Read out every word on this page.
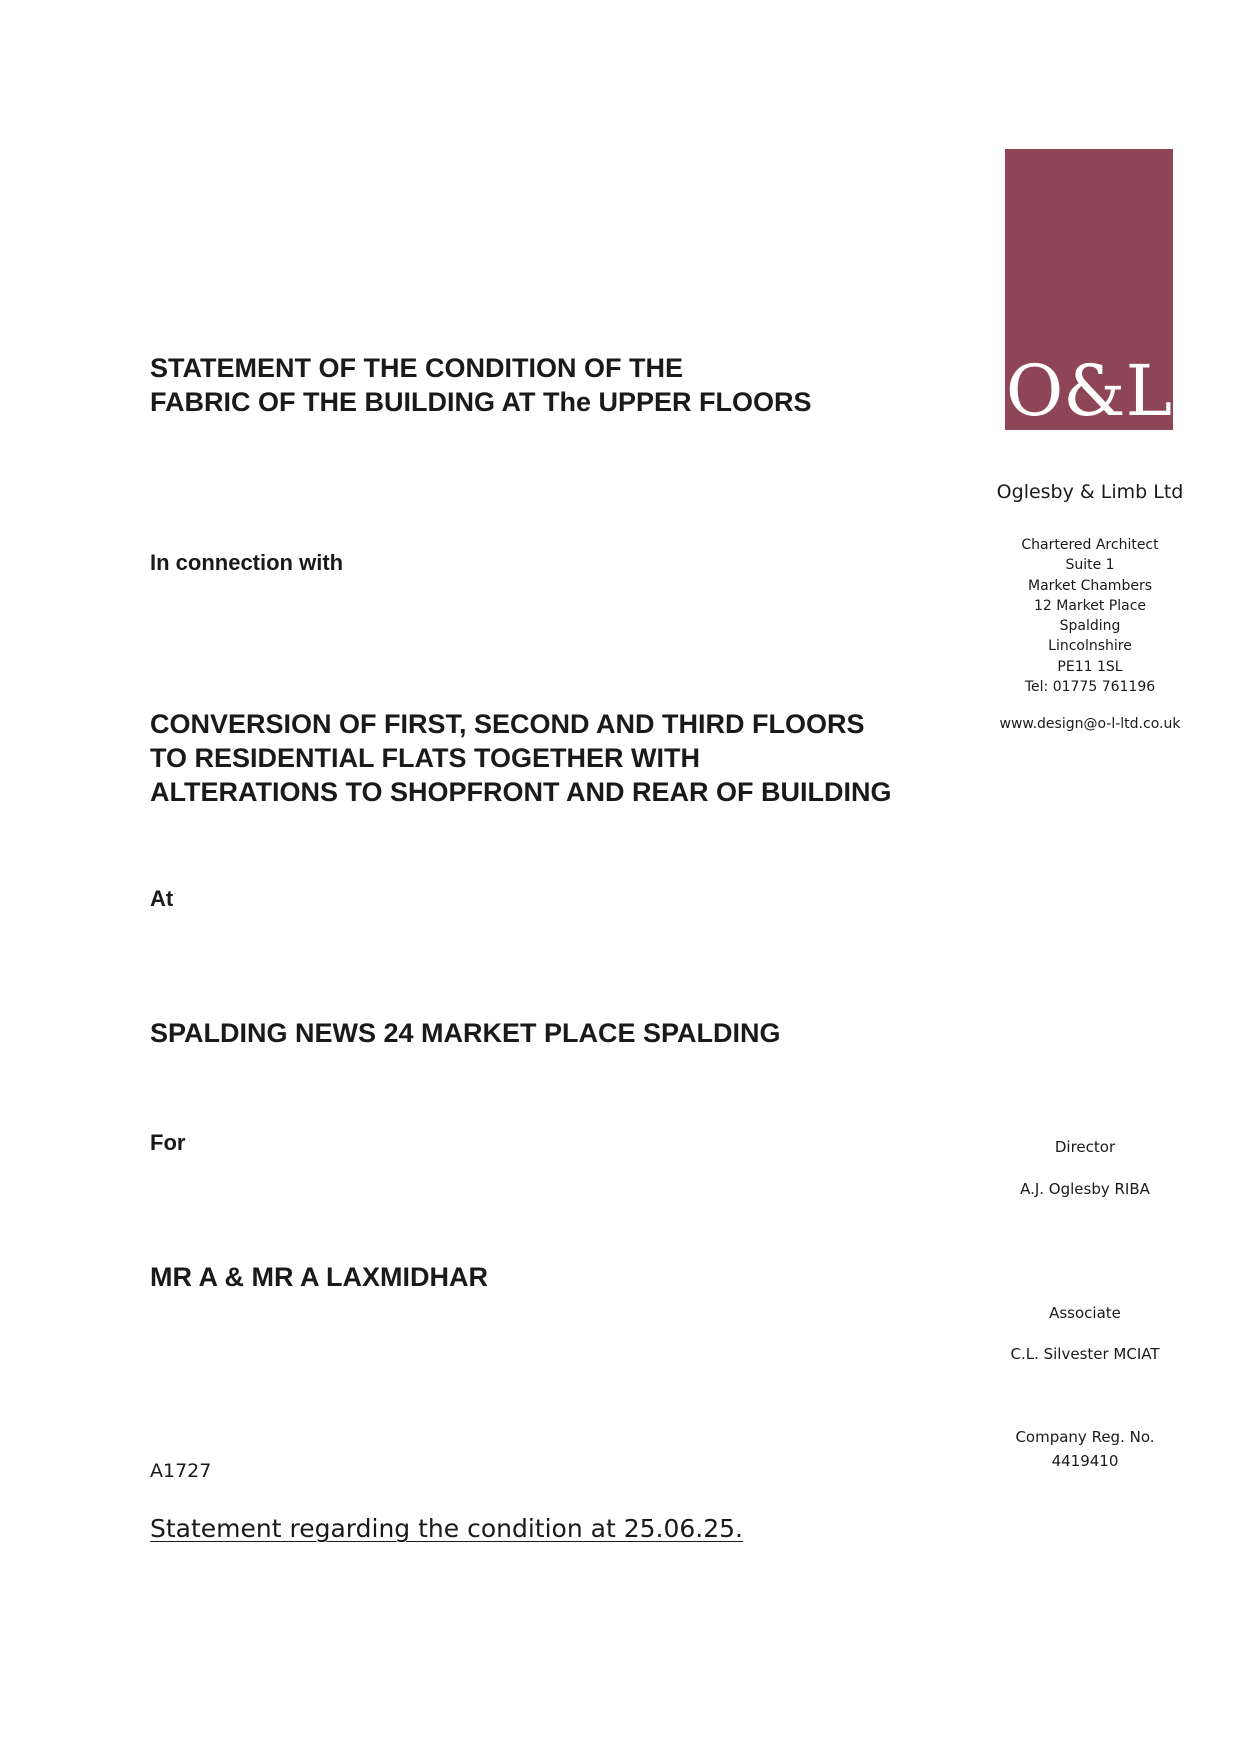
STATEMENT OF THE CONDITION OF THE
FABRIC OF THE BUILDING AT The UPPER FLOORS
In connection with
CONVERSION OF FIRST, SECOND AND THIRD FLOORS
TO RESIDENTIAL FLATS TOGETHER WITH
ALTERATIONS TO SHOPFRONT AND REAR OF BUILDING
At
SPALDING NEWS 24 MARKET PLACE SPALDING
For
MR A & MR A LAXMIDHAR
A1727
Statement regarding the condition at 25.06.25.
O&L
Oglesby & Limb Ltd
Chartered Architect
Suite 1
Market Chambers
12 Market Place
Spalding
Lincolnshire
PE11 1SL
Tel: 01775 761196
www.design@o-l-ltd.co.uk
Director
A.J. Oglesby RIBA
Associate
C.L. Silvester MCIAT
Company Reg. No.
4419410
